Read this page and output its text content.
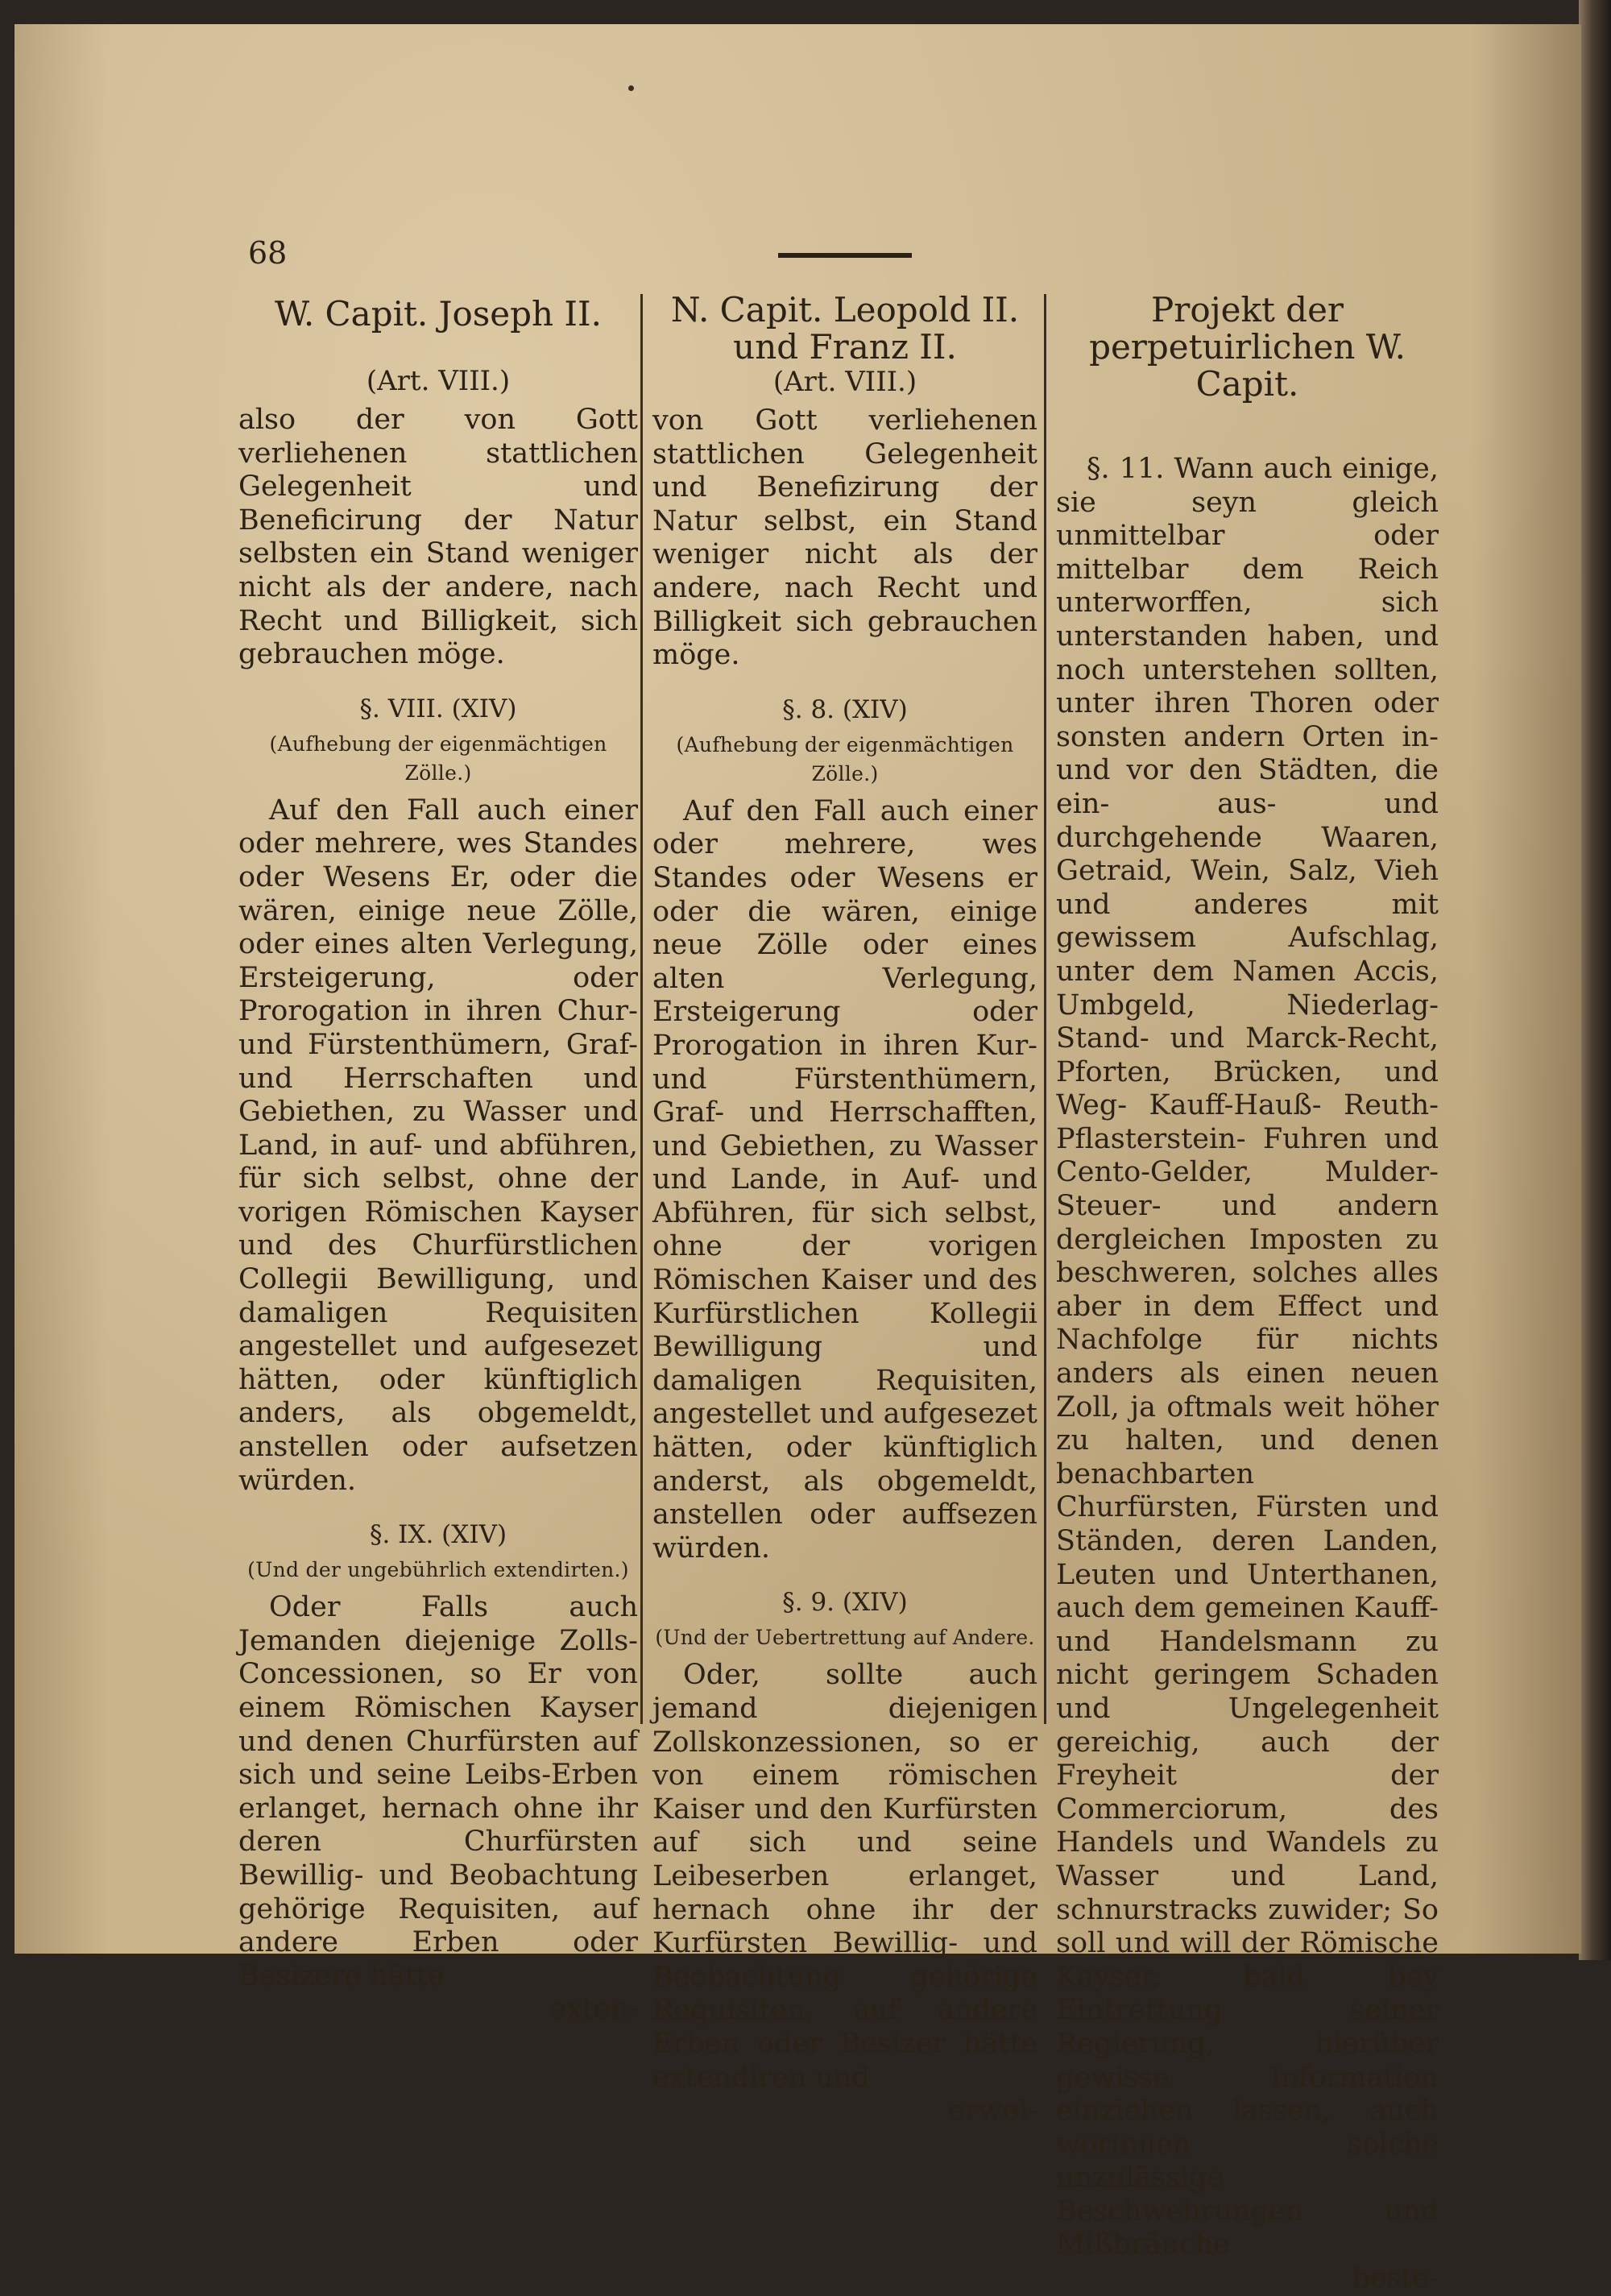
68

W. Capit. Joseph II.

(Art. VIII.)

also der von Gott verliehenen stattlichen Gelegenheit und Beneficirung der Natur selbsten ein Stand weniger nicht als der andere, nach Recht und Billigkeit, sich gebrauchen möge.

§. VIII. (XIV)

(Aufhebung der eigenmächtigen Zölle.)

Auf den Fall auch einer oder mehrere, wes Standes oder Wesens Er, oder die wären, einige neue Zölle, oder eines alten Verlegung, Ersteigerung, oder Prorogation in ihren Chur- und Fürstenthümern, Graf- und Herrschaften und Gebiethen, zu Wasser und Land, in auf- und abführen, für sich selbst, ohne der vorigen Römischen Kayser und des Churfürstlichen Collegii Bewilligung, und damaligen Requisiten angestellet und aufgesezet hätten, oder künftiglich anders, als obgemeldt, anstellen oder aufsetzen würden.

§. IX. (XIV)

(Und der ungebührlich extendirten.)

Oder Falls auch Jemanden diejenige Zolls-Concessionen, so Er von einem Römischen Kayser und denen Churfürsten auf sich und seine Leibs-Erben erlanget, hernach ohne ihr deren Churfürsten Bewillig- und Beobachtung gehörige Requisiten, auf andere Erben oder Besizere hätte

exten-

N. Capit. Leopold II. und Franz II.

(Art. VIII.)

von Gott verliehenen stattlichen Gelegenheit und Benefizirung der Natur selbst, ein Stand weniger nicht als der andere, nach Recht und Billigkeit sich gebrauchen möge.

§. 8. (XIV)

(Aufhebung der eigenmächtigen Zölle.)

Auf den Fall auch einer oder mehrere, wes Standes oder Wesens er oder die wären, einige neue Zölle oder eines alten Verlegung, Ersteigerung oder Prorogation in ihren Kur- und Fürstenthümern, Graf- und Herrschafften, und Gebiethen, zu Wasser und Lande, in Auf- und Abführen, für sich selbst, ohne der vorigen Römischen Kaiser und des Kurfürstlichen Kollegii Bewilligung und damaligen Requisiten, angestellet und aufgesezet hätten, oder künftiglich anderst, als obgemeldt, anstellen oder auffsezen würden.

§. 9. (XIV)

(Und der Uebertrettung auf Andere.

Oder, sollte auch jemand diejenigen Zollskonzessionen, so er von einem römischen Kaiser und den Kurfürsten auf sich und seine Leibeserben erlanget, hernach ohne ihr der Kurfürsten Bewillig- und Beobachtung gehörige Requisiten, auf andere Erben oder Besizer hätte extendiren und

erwei-

Projekt der perpetuirlichen W. Capit.

§. 11. Wann auch einige, sie seyn gleich unmittelbar oder mittelbar dem Reich unterworffen, sich unterstanden haben, und noch unterstehen sollten, unter ihren Thoren oder sonsten andern Orten in- und vor den Städten, die ein- aus- und durchgehende Waaren, Getraid, Wein, Salz, Vieh und anderes mit gewissem Aufschlag, unter dem Namen Accis, Umbgeld, Niederlag-Stand- und Marck-Recht, Pforten, Brücken, und Weg- Kauff-Hauß- Reuth- Pflasterstein- Fuhren und Cento-Gelder, Mulder-Steuer- und andern dergleichen Imposten zu beschweren, solches alles aber in dem Effect und Nachfolge für nichts anders als einen neuen Zoll, ja oftmals weit höher zu halten, und denen benachbarten Churfürsten, Fürsten und Ständen, deren Landen, Leuten und Unterthanen, auch dem gemeinen Kauff- und Handelsmann zu nicht geringem Schaden und Ungelegenheit gereichig, auch der Freyheit der Commerciorum, des Handels und Wandels zu Wasser und Land, schnurstracks zuwider; So soll und will der Römische Kayser, bald bey Eintrettung seiner Regierung, hierüber gewisse Information einziehen lassen, auch worinnen solche unzulässige Beschwehrungen und Mißbräuche

beste-
